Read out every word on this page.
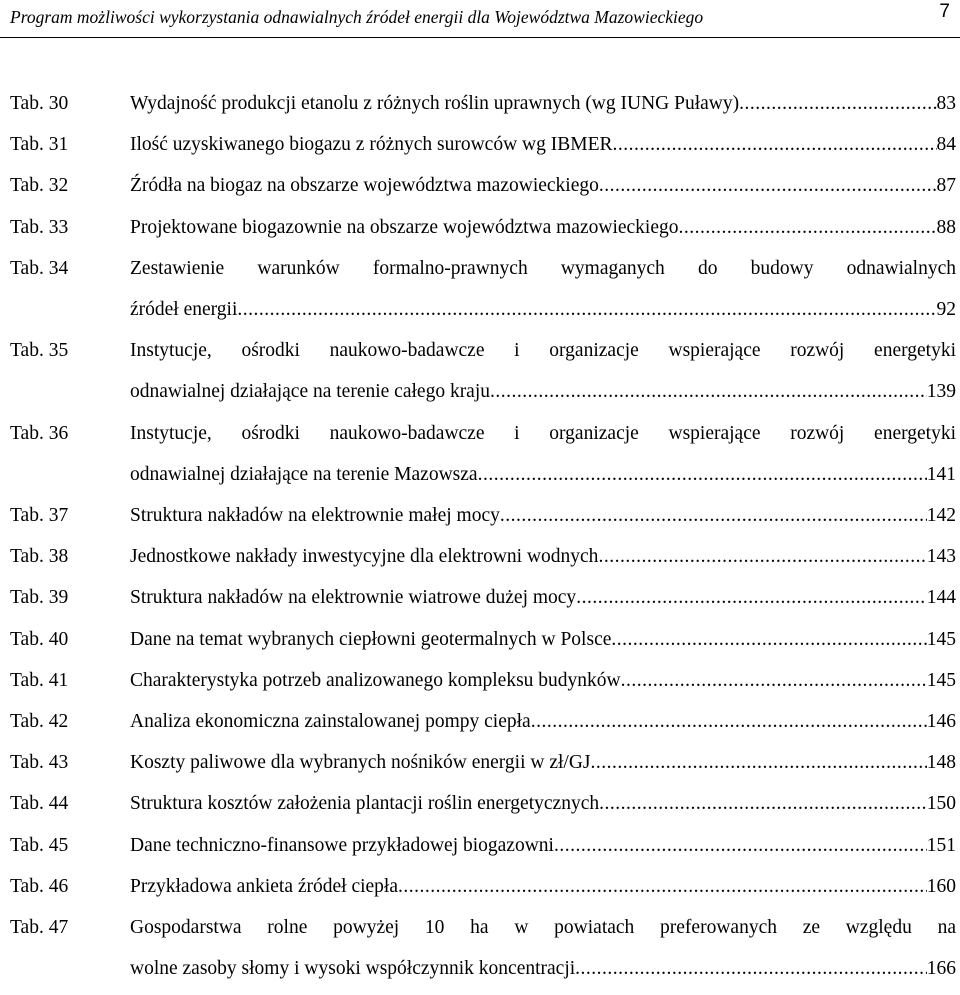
Program możliwości wykorzystania odnawialnych źródeł energii dla Województwa Mazowieckiego	7
Tab. 30	Wydajność produkcji etanolu z różnych roślin uprawnych (wg IUNG Puławy) .....	83
Tab. 31	Ilość uzyskiwanego biogazu z różnych surowców wg IBMER .....	84
Tab. 32	Źródła na biogaz na obszarze województwa mazowieckiego .....	87
Tab. 33	Projektowane biogazownie na obszarze województwa mazowieckiego .....	88
Tab. 34	Zestawienie warunków formalno-prawnych wymaganych do budowy odnawialnych
źródeł energii .....	92
Tab. 35	Instytucje, ośrodki naukowo-badawcze i organizacje wspierające rozwój energetyki
odnawialnej działające na terenie całego kraju .....	139
Tab. 36	Instytucje, ośrodki naukowo-badawcze i organizacje wspierające rozwój energetyki
odnawialnej działające na terenie Mazowsza .....	141
Tab. 37	Struktura nakładów na elektrownie małej mocy .....	142
Tab. 38	Jednostkowe nakłady inwestycyjne dla elektrowni wodnych .....	143
Tab. 39	Struktura nakładów na elektrownie wiatrowe dużej mocy .....	144
Tab. 40	Dane na temat wybranych ciepłowni geotermalnych w Polsce .....	145
Tab. 41	Charakterystyka potrzeb analizowanego kompleksu budynków .....	145
Tab. 42	Analiza ekonomiczna zainstalowanej pompy ciepła .....	146
Tab. 43	Koszty paliwowe dla wybranych nośników energii w zł/GJ .....	148
Tab. 44	Struktura kosztów założenia plantacji roślin energetycznych .....	150
Tab. 45	Dane techniczno-finansowe przykładowej biogazowni .....	151
Tab. 46	Przykładowa ankieta źródeł ciepła .....	160
Tab. 47	Gospodarstwa rolne powyżej 10 ha w powiatach preferowanych ze względu na
wolne zasoby słomy i wysoki współczynnik koncentracji .....	166
